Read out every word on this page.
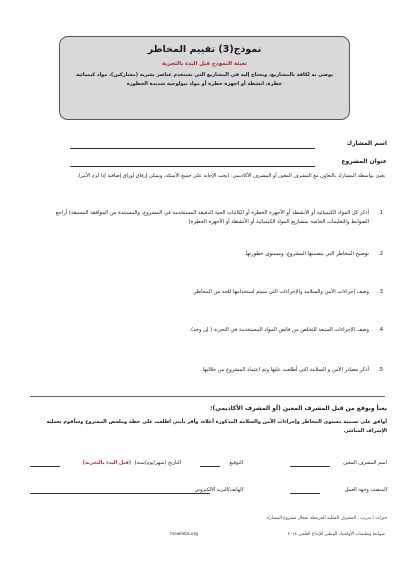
نموذج(3) تقييم المخاطر
تعبئة النموذج قبل البدء بالتجربة
يوصى به لكافة بالمشاريع، ويحتاج إليه في المشاريع التي تستخدم عناصر بشرية (مشاركين)، مواد كيميائية خطرة، انشطة أو اجهزة خطرة أو مواد بيولوجية شديدة الخطورة
اسم المشارك
عنوان المشروع
يعبئ بواسطة المشارك بالتعاون مع المشرف المعين أو المشرف الأكاديمي: (يجب الإجابة على جميع الأسئلة، ويمكن إرفاق أوراق إضافية إذا لزم الأمر).
1.
أذكر كل المواد الكيميائية أو الأنشطة أو الأجهزة الخطرة أو الكائنات الحية الدقيقة المستخدمة في المشروع، والمستندة من الموافقة المسبقة) أراجع الضوابط والتعليمات الخاصة بمشاريع المواد الكيميائية أو الأنشطة أو الأجهزة الخطرة)
2.
توضيح المخاطر التي يتضمنها المشروع، ومستوى خطورتها.
3.
وصف إجراءات الأمن والسلامة والإجراءات التي سيتم استخدامها للحد من المخاطر.
4.
وصف الإجراءات المتبعة للتخلص من فائض المواد المستخدمة في التجربة ( إن وجد).
5.
أذكر مصادر الأمن و السلامة التي أطلعت عليها وتم اعتماد المشروع من خلاليها .
يعبأ ويوقع من قبل المشرف المعين (أو المشرف الأكاديمي):
أوافق على تسمية مستوى المخاطر وإجراءات الأمن والسلامة المذكورة أعلاه، وأقر بأنني اطلعت على خطة وملخص المشروع وسأقوم بعملية الإشراف المباشر.
اسم المشرف المعين
التوقيع
التاريخ (شهر/يوم/سنة)
(قبل البدء بالتجربة)
المنصب وجهة العمل
الهاتف/البريد الالكتروني
خبرات / تدريب : المشرف العملية المرتبطة بمجال مشروع المشارك
mawhiba.org	ضوابط وتعليمات الأولمبياد الوطني للإبداع العلمي ٢٠١٤
